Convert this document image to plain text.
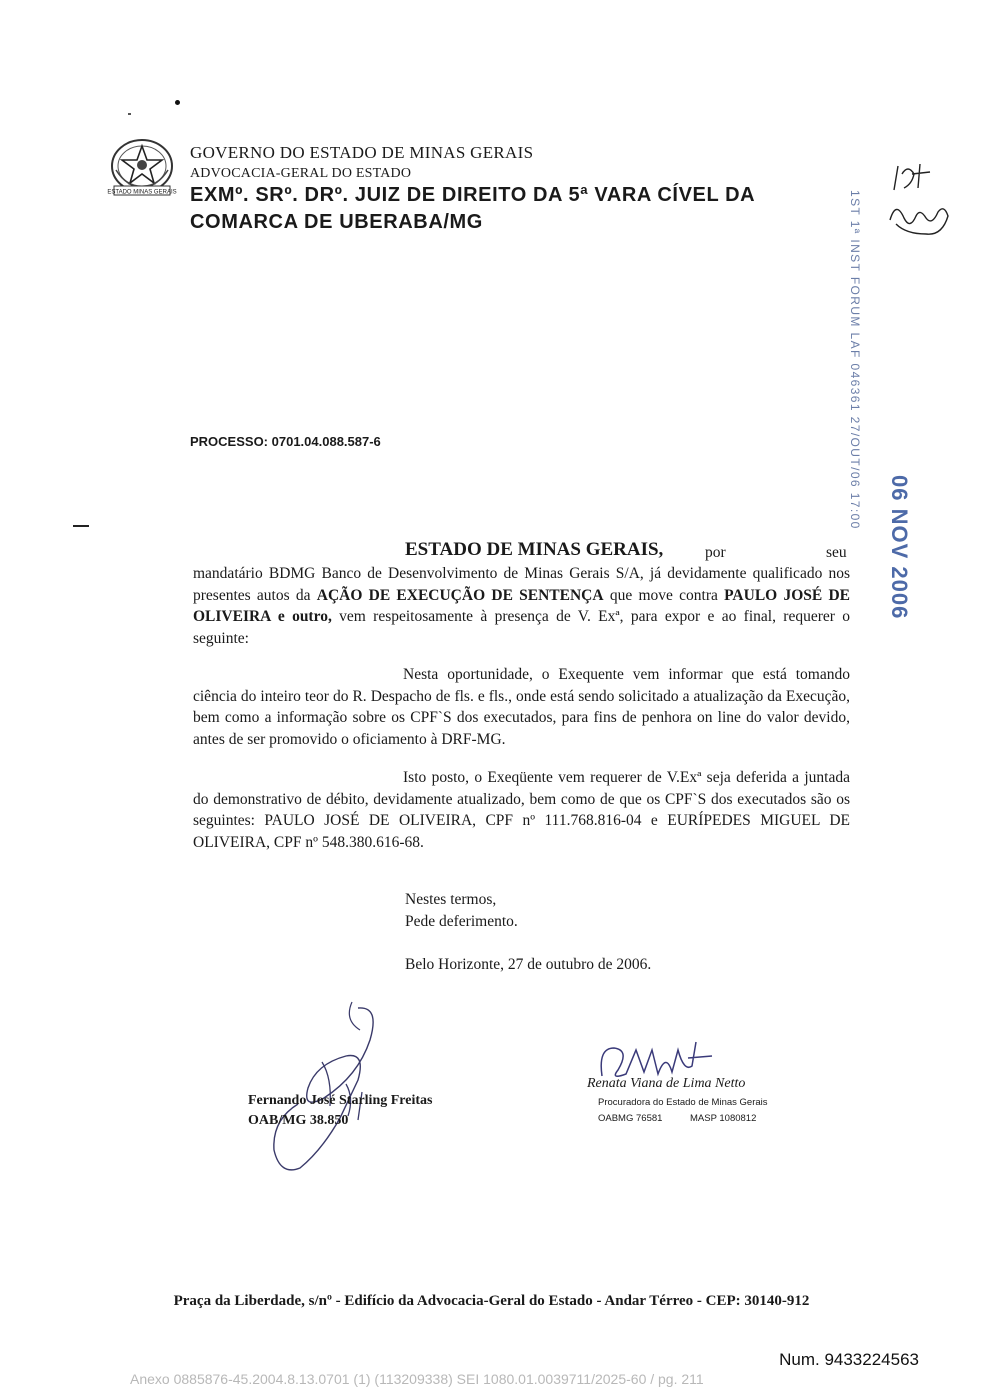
ESTADO MINAS GERAIS
GOVERNO DO ESTADO DE MINAS GERAIS
ADVOCACIA-GERAL DO ESTADO
EXMº. SRº. DRº. JUIZ DE DIREITO DA 5ª VARA CÍVEL DA
COMARCA DE UBERABA/MG	1ST 1ª INST FORUM LAF 046361 27/OUT/06 17:00
06 NOV 2006
PROCESSO: 0701.04.088.587-6
ESTADO DE MINAS GERAIS,	por	seu
mandatário BDMG Banco de Desenvolvimento de Minas Gerais S/A, já devidamente qualificado nos presentes autos da AÇÃO DE EXECUÇÃO DE SENTENÇA que move contra PAULO JOSÉ DE OLIVEIRA e outro, vem respeitosamente à presença de V. Exª, para expor e ao final, requerer o seguinte:
Nesta oportunidade, o Exequente vem informar que está tomando ciência do inteiro teor do R. Despacho de fls. e fls., onde está sendo solicitado a atualização da Execução, bem como a informação sobre os CPF`S dos executados, para fins de penhora on line do valor devido, antes de ser promovido o oficiamento à DRF-MG.
Isto posto, o Exeqüente vem requerer de V.Exª seja deferida a juntada do demonstrativo de débito, devidamente atualizado, bem como de que os CPF`S dos executados são os seguintes: PAULO JOSÉ DE OLIVEIRA, CPF nº 111.768.816-04 e EURÍPEDES MIGUEL DE OLIVEIRA, CPF nº 548.380.616-68.
Nestes termos,
Pede deferimento.
Belo Horizonte, 27 de outubro de 2006.
Fernando José Starling Freitas
OAB/MG 38.850
Renata Viana de Lima Netto
Procuradora do Estado de Minas Gerais
OABMG 76581	MASP 1080812
Praça da Liberdade, s/nº - Edifício da Advocacia-Geral do Estado - Andar Térreo - CEP: 30140-912
Num. 9433224563
Anexo 0885876-45.2004.8.13.0701 (1) (113209338) SEI 1080.01.0039711/2025-60 / pg. 211
